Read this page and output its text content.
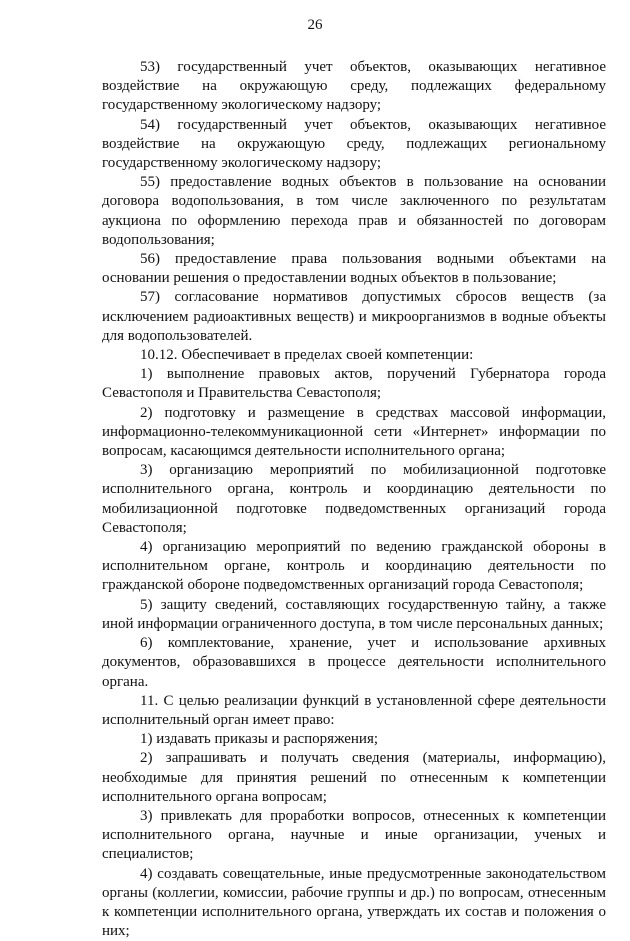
26

53) государственный учет объектов, оказывающих негативное воздействие на окружающую среду, подлежащих федеральному государственному экологическому надзору;

54) государственный учет объектов, оказывающих негативное воздействие на окружающую среду, подлежащих региональному государственному экологическому надзору;

55) предоставление водных объектов в пользование на основании договора водопользования, в том числе заключенного по результатам аукциона по оформлению перехода прав и обязанностей по договорам водопользования;

56) предоставление права пользования водными объектами на основании решения о предоставлении водных объектов в пользование;

57) согласование нормативов допустимых сбросов веществ (за исключением радиоактивных веществ) и микроорганизмов в водные объекты для водопользователей.

10.12. Обеспечивает в пределах своей компетенции:

1) выполнение правовых актов, поручений Губернатора города Севастополя и Правительства Севастополя;

2) подготовку и размещение в средствах массовой информации, информационно-телекоммуникационной сети «Интернет» информации по вопросам, касающимся деятельности исполнительного органа;

3) организацию мероприятий по мобилизационной подготовке исполнительного органа, контроль и координацию деятельности по мобилизационной подготовке подведомственных организаций города Севастополя;

4) организацию мероприятий по ведению гражданской обороны в исполнительном органе, контроль и координацию деятельности по гражданской обороне подведомственных организаций города Севастополя;

5) защиту сведений, составляющих государственную тайну, а также иной информации ограниченного доступа, в том числе персональных данных;

6) комплектование, хранение, учет и использование архивных документов, образовавшихся в процессе деятельности исполнительного органа.

11. С целью реализации функций в установленной сфере деятельности исполнительный орган имеет право:

1) издавать приказы и распоряжения;

2) запрашивать и получать сведения (материалы, информацию), необходимые для принятия решений по отнесенным к компетенции исполнительного органа вопросам;

3) привлекать для проработки вопросов, отнесенных к компетенции исполнительного органа, научные и иные организации, ученых и специалистов;

4) создавать совещательные, иные предусмотренные законодательством органы (коллегии, комиссии, рабочие группы и др.) по вопросам, отнесенным к компетенции исполнительного органа, утверждать их состав и положения о них;
